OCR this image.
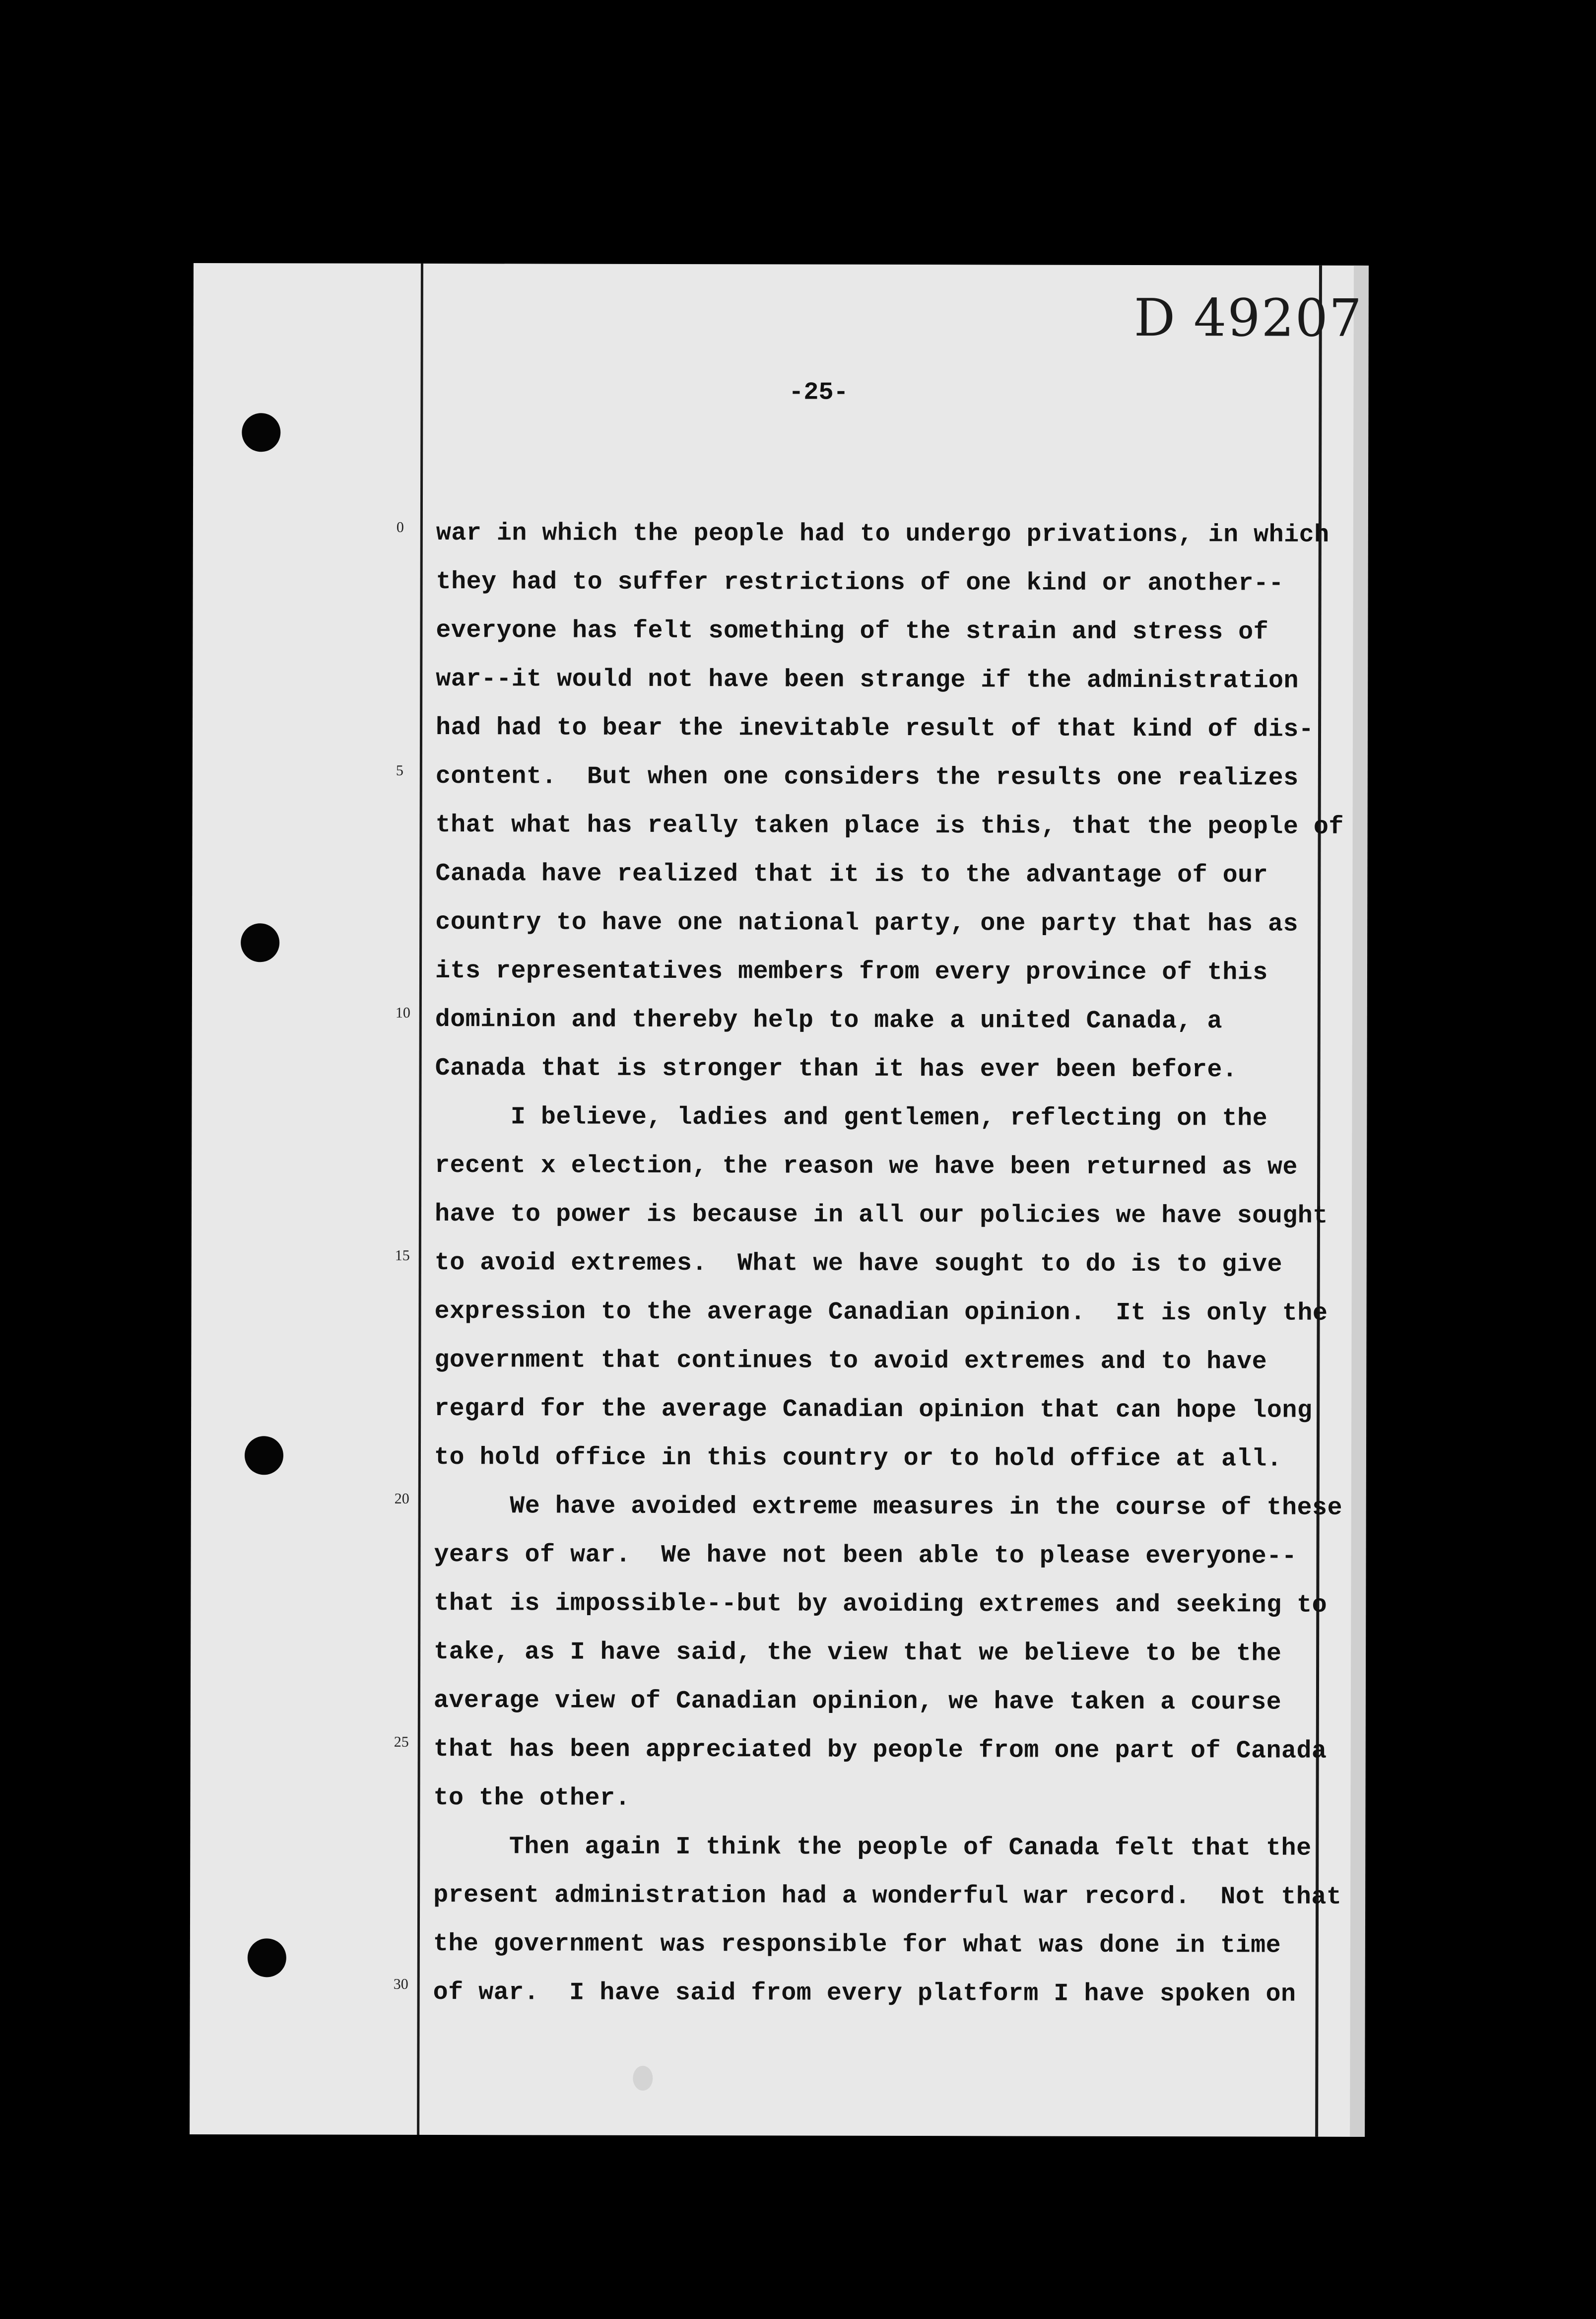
D 49207
-25-
0
5
10
15
20
25
30
war in which the people had to undergo privations, in which
they had to suffer restrictions of one kind or another--
everyone has felt something of the strain and stress of
war--it would not have been strange if the administration
had had to bear the inevitable result of that kind of dis-
content.  But when one considers the results one realizes
that what has really taken place is this, that the people of
Canada have realized that it is to the advantage of our
country to have one national party, one party that has as
its representatives members from every province of this
dominion and thereby help to make a united Canada, a
Canada that is stronger than it has ever been before.
I believe, ladies and gentlemen, reflecting on the
recent x election, the reason we have been returned as we
have to power is because in all our policies we have sought
to avoid extremes.  What we have sought to do is to give
expression to the average Canadian opinion.  It is only the
government that continues to avoid extremes and to have
regard for the average Canadian opinion that can hope long
to hold office in this country or to hold office at all.
We have avoided extreme measures in the course of these
years of war.  We have not been able to please everyone--
that is impossible--but by avoiding extremes and seeking to
take, as I have said, the view that we believe to be the
average view of Canadian opinion, we have taken a course
that has been appreciated by people from one part of Canada
to the other.
Then again I think the people of Canada felt that the
present administration had a wonderful war record.  Not that
the government was responsible for what was done in time
of war.  I have said from every platform I have spoken on
